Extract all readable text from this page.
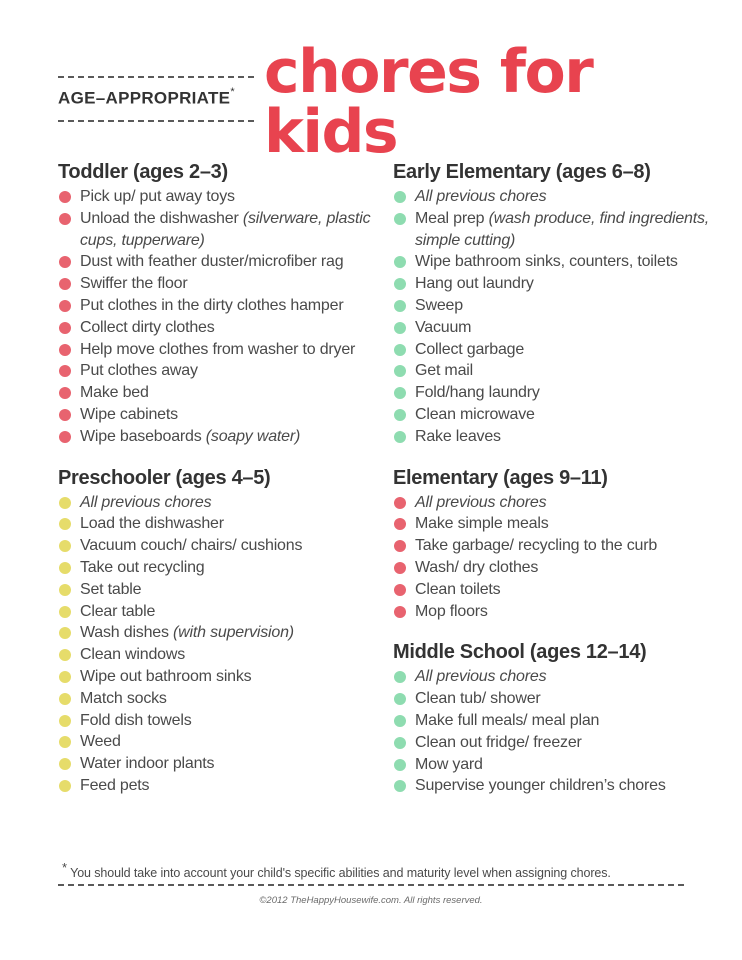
AGE–APPROPRIATE* chores for kids
Toddler (ages 2–3)
Pick up/ put away toys
Unload the dishwasher (silverware, plastic cups, tupperware)
Dust with feather duster/microfiber rag
Swiffer the floor
Put clothes in the dirty clothes hamper
Collect dirty clothes
Help move clothes from washer to dryer
Put clothes away
Make bed
Wipe cabinets
Wipe baseboards (soapy water)
Preschooler (ages 4–5)
All previous chores
Load the dishwasher
Vacuum couch/ chairs/ cushions
Take out recycling
Set table
Clear table
Wash dishes (with supervision)
Clean windows
Wipe out bathroom sinks
Match socks
Fold dish towels
Weed
Water indoor plants
Feed pets
Early Elementary (ages 6–8)
All previous chores
Meal prep (wash produce, find ingredients, simple cutting)
Wipe bathroom sinks, counters, toilets
Hang out laundry
Sweep
Vacuum
Collect garbage
Get mail
Fold/hang laundry
Clean microwave
Rake leaves
Elementary (ages 9–11)
All previous chores
Make simple meals
Take garbage/ recycling to the curb
Wash/ dry clothes
Clean toilets
Mop floors
Middle School (ages 12–14)
All previous chores
Clean tub/ shower
Make full meals/ meal plan
Clean out fridge/ freezer
Mow yard
Supervise younger children’s chores
* You should take into account your child's specific abilities and maturity level when assigning chores.
©2012 TheHappyHousewife.com. All rights reserved.
